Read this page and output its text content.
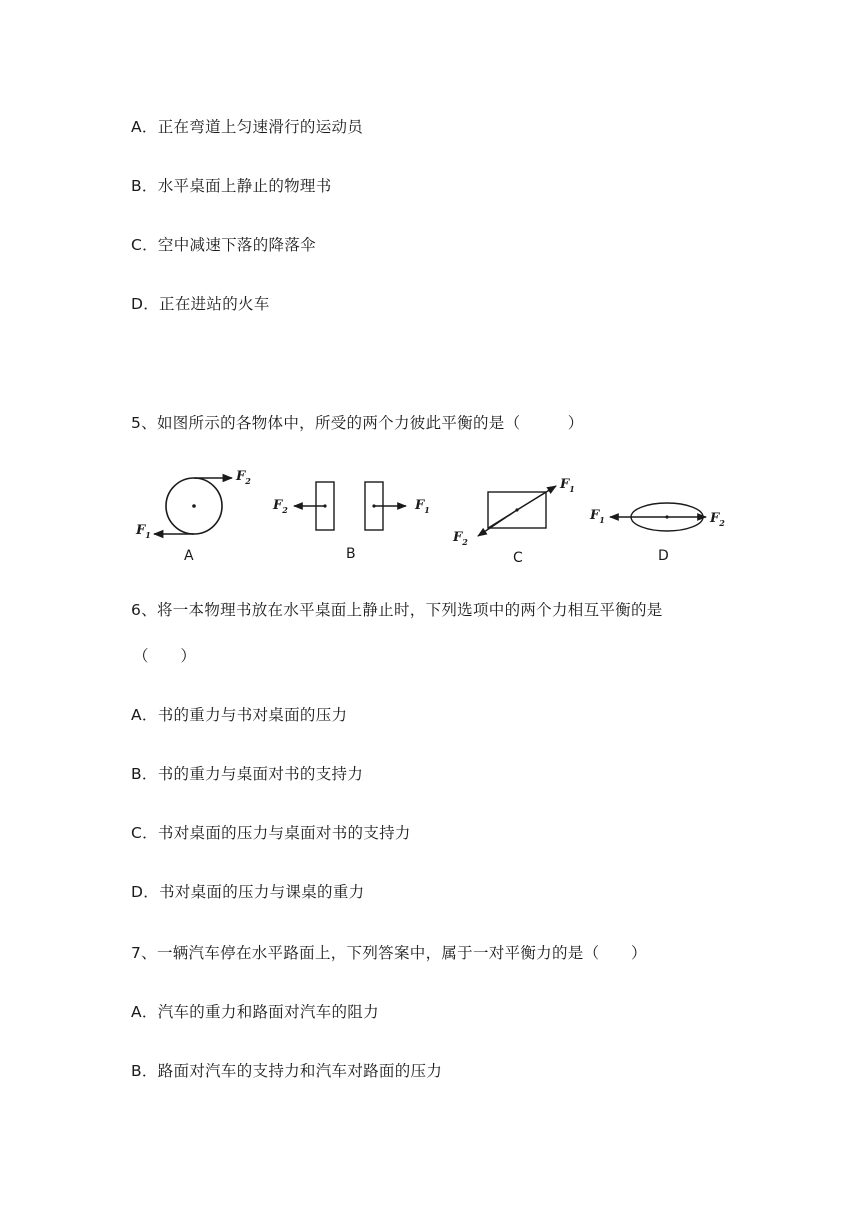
A．正在弯道上匀速滑行的运动员
B．水平桌面上静止的物理书
C．空中减速下落的降落伞
D．正在进站的火车
5、如图所示的各物体中，所受的两个力彼此平衡的是（　　　）
$F_2$
$F_1$
A
$F_2$	$F_1$
B
$F_1$
$F_2$
C
$F_1$	$F_2$
D
6、将一本物理书放在水平桌面上静止时，下列选项中的两个力相互平衡的是
（　　）
A．书的重力与书对桌面的压力
B．书的重力与桌面对书的支持力
C．书对桌面的压力与桌面对书的支持力
D．书对桌面的压力与课桌的重力
7、一辆汽车停在水平路面上，下列答案中，属于一对平衡力的是（　　）
A．汽车的重力和路面对汽车的阻力
B．路面对汽车的支持力和汽车对路面的压力
